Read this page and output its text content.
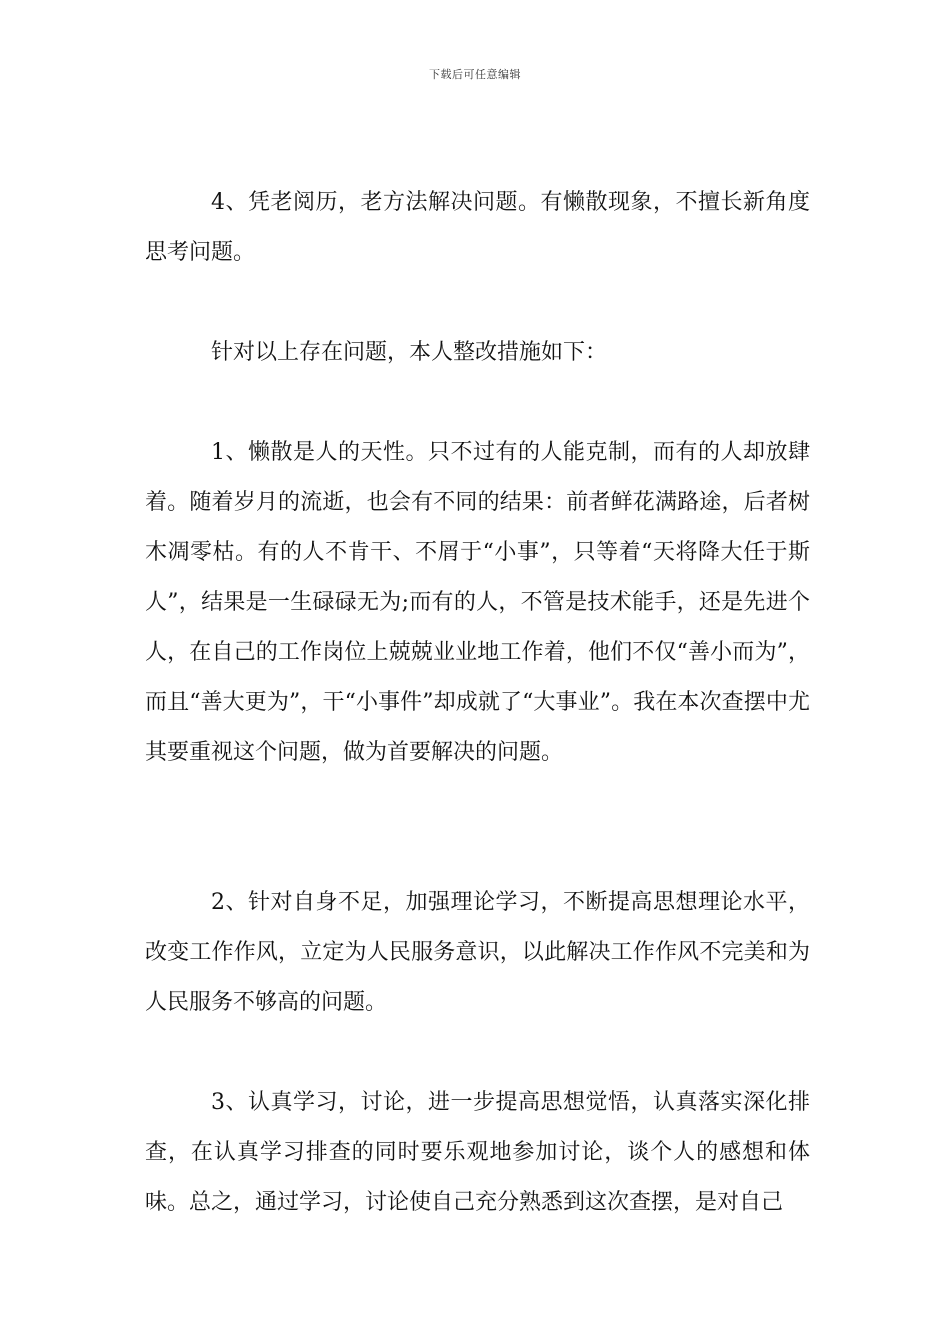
下载后可任意编辑

4、凭老阅历，老方法解决问题。有懒散现象，不擅长新角度思考问题。

针对以上存在问题，本人整改措施如下：

1、懒散是人的天性。只不过有的人能克制，而有的人却放肆着。随着岁月的流逝，也会有不同的结果：前者鲜花满路途，后者树木凋零枯。有的人不肯干、不屑于“小事”，只等着“天将降大任于斯人”，结果是一生碌碌无为;而有的人，不管是技术能手，还是先进个人，在自己的工作岗位上兢兢业业地工作着，他们不仅“善小而为”，而且“善大更为”，干“小事件”却成就了“大事业”。我在本次查摆中尤其要重视这个问题，做为首要解决的问题。

2、针对自身不足，加强理论学习，不断提高思想理论水平，改变工作作风，立定为人民服务意识，以此解决工作作风不完美和为人民服务不够高的问题。

3、认真学习，讨论，进一步提高思想觉悟，认真落实深化排查，在认真学习排查的同时要乐观地参加讨论，谈个人的感想和体味。总之，通过学习，讨论使自己充分熟悉到这次查摆，是对自己
